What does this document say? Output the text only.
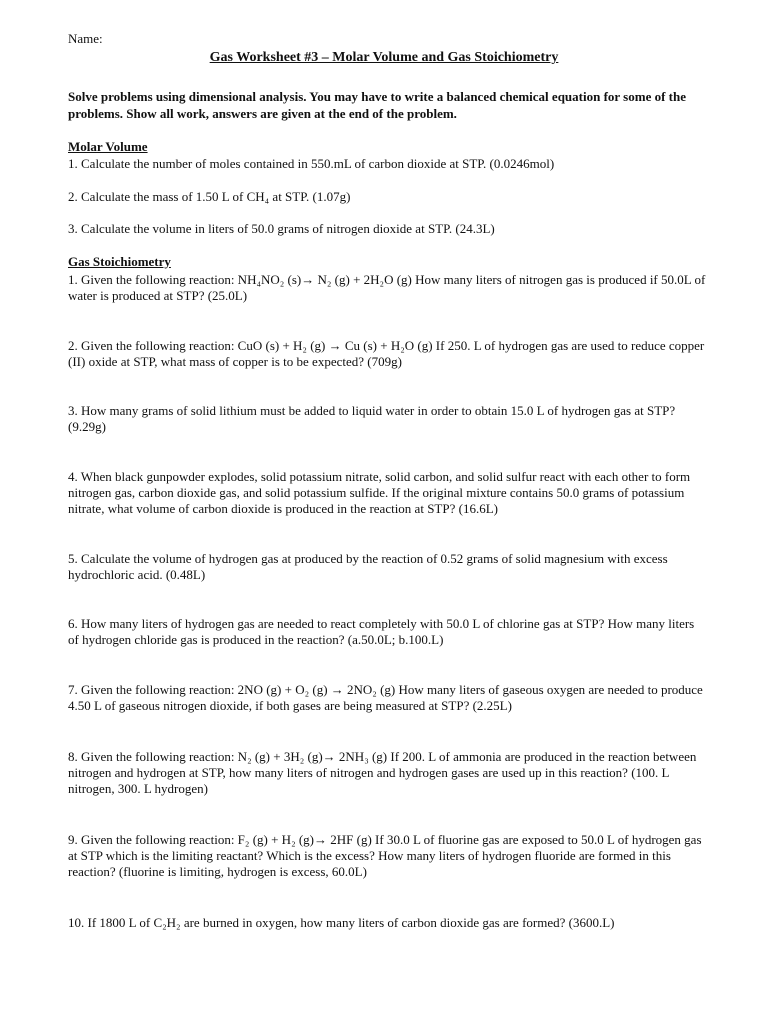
Name:
Gas Worksheet #3 – Molar Volume and Gas Stoichiometry
Solve problems using dimensional analysis. You may have to write a balanced chemical equation for some of the problems. Show all work, answers are given at the end of the problem.
Molar Volume
1. Calculate the number of moles contained in 550.mL of carbon dioxide at STP. (0.0246mol)
2. Calculate the mass of 1.50 L of CH₄ at STP. (1.07g)
3. Calculate the volume in liters of 50.0 grams of nitrogen dioxide at STP. (24.3L)
Gas Stoichiometry
1. Given the following reaction: NH₄NO₂ (s)→ N₂ (g) + 2H₂O (g) How many liters of nitrogen gas is produced if 50.0L of water is produced at STP? (25.0L)
2. Given the following reaction: CuO (s) + H₂ (g) → Cu (s) + H₂O (g) If 250. L of hydrogen gas are used to reduce copper (II) oxide at STP, what mass of copper is to be expected? (709g)
3. How many grams of solid lithium must be added to liquid water in order to obtain 15.0 L of hydrogen gas at STP? (9.29g)
4. When black gunpowder explodes, solid potassium nitrate, solid carbon, and solid sulfur react with each other to form nitrogen gas, carbon dioxide gas, and solid potassium sulfide. If the original mixture contains 50.0 grams of potassium nitrate, what volume of carbon dioxide is produced in the reaction at STP? (16.6L)
5. Calculate the volume of hydrogen gas at produced by the reaction of 0.52 grams of solid magnesium with excess hydrochloric acid. (0.48L)
6. How many liters of hydrogen gas are needed to react completely with 50.0 L of chlorine gas at STP? How many liters of hydrogen chloride gas is produced in the reaction? (a.50.0L; b.100.L)
7. Given the following reaction: 2NO (g) + O₂ (g) → 2NO₂ (g) How many liters of gaseous oxygen are needed to produce 4.50 L of gaseous nitrogen dioxide, if both gases are being measured at STP? (2.25L)
8. Given the following reaction: N₂ (g) + 3H₂ (g)→ 2NH₃ (g) If 200. L of ammonia are produced in the reaction between nitrogen and hydrogen at STP, how many liters of nitrogen and hydrogen gases are used up in this reaction? (100. L nitrogen, 300. L hydrogen)
9. Given the following reaction: F₂ (g) + H₂ (g)→ 2HF (g) If 30.0 L of fluorine gas are exposed to 50.0 L of hydrogen gas at STP which is the limiting reactant? Which is the excess? How many liters of hydrogen fluoride are formed in this reaction? (fluorine is limiting, hydrogen is excess, 60.0L)
10. If 1800 L of C₂H₂ are burned in oxygen, how many liters of carbon dioxide gas are formed? (3600.L)
